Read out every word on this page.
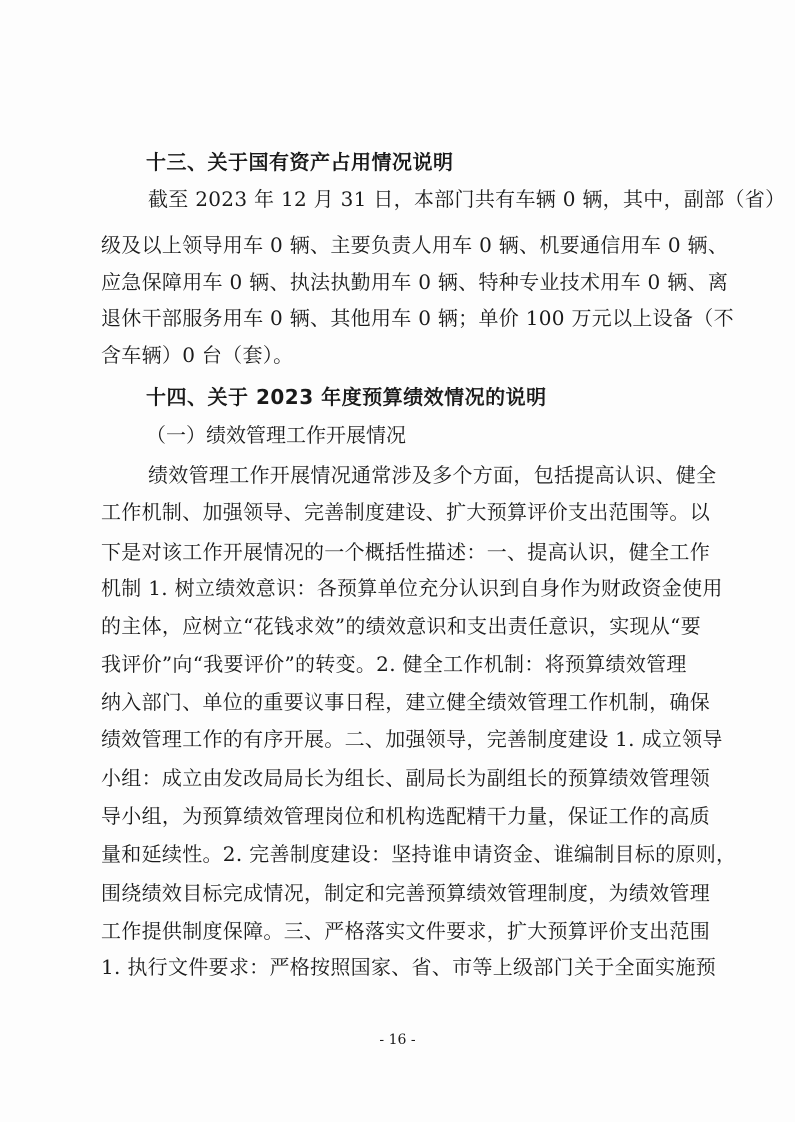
十三、关于国有资产占用情况说明
截至 2023 年 12 月 31 日，本部门共有车辆 0 辆，其中，副部（省）
级及以上领导用车 0 辆、主要负责人用车 0 辆、机要通信用车 0 辆、
应急保障用车 0 辆、执法执勤用车 0 辆、特种专业技术用车 0 辆、离
退休干部服务用车 0 辆、其他用车 0 辆；单价 100 万元以上设备（不
含车辆）0 台（套）。
十四、关于 2023 年度预算绩效情况的说明
（一）绩效管理工作开展情况
绩效管理工作开展情况通常涉及多个方面，包括提高认识、健全
工作机制、加强领导、完善制度建设、扩大预算评价支出范围等。以
下是对该工作开展情况的一个概括性描述：一、提高认识，健全工作
机制 1. 树立绩效意识：各预算单位充分认识到自身作为财政资金使用
的主体，应树立“花钱求效”的绩效意识和支出责任意识，实现从“要
我评价”向“我要评价”的转变。2. 健全工作机制：将预算绩效管理
纳入部门、单位的重要议事日程，建立健全绩效管理工作机制，确保
绩效管理工作的有序开展。二、加强领导，完善制度建设 1. 成立领导
小组：成立由发改局局长为组长、副局长为副组长的预算绩效管理领
导小组，为预算绩效管理岗位和机构选配精干力量，保证工作的高质
量和延续性。2. 完善制度建设：坚持谁申请资金、谁编制目标的原则，
围绕绩效目标完成情况，制定和完善预算绩效管理制度，为绩效管理
工作提供制度保障。三、严格落实文件要求，扩大预算评价支出范围
1. 执行文件要求：严格按照国家、省、市等上级部门关于全面实施预
- 16 -
